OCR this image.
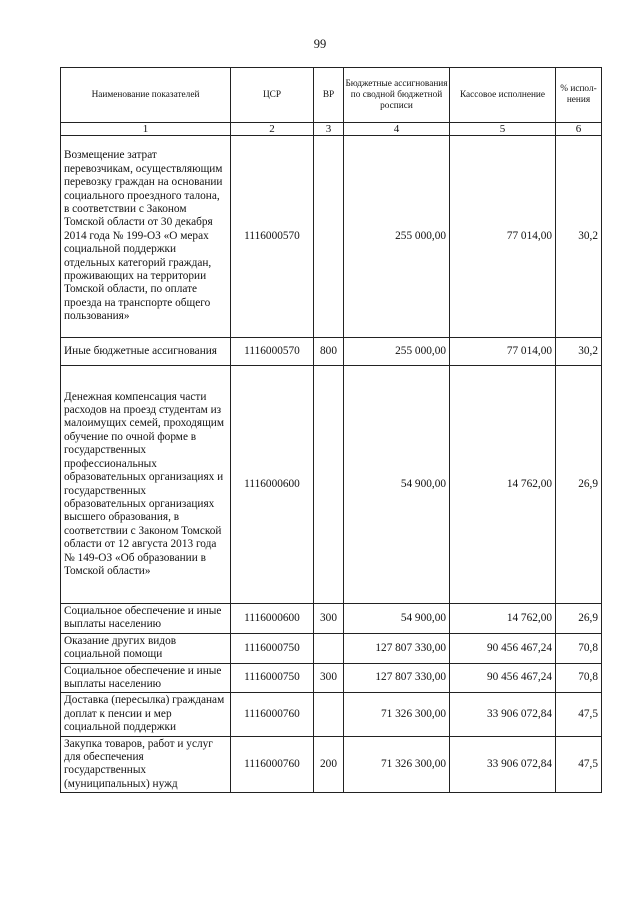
99
Наименование показателей	ЦСР	ВР	Бюджетные ассигнования по сводной бюджетной росписи	Кассовое исполнение	% испол-нения
1	2	3	4	5	6
Возмещение затрат перевозчикам, осуществляющим перевозку граждан на основании социального проездного талона, в соответствии с Законом Томской области от 30 декабря 2014 года № 199-ОЗ «О мерах социальной поддержки отдельных категорий граждан, проживающих на территории Томской области, по оплате проезда на транспорте общего пользования»	1116000570		255 000,00	77 014,00	30,2
Иные бюджетные ассигнования	1116000570	800	255 000,00	77 014,00	30,2
Денежная компенсация части расходов на проезд студентам из малоимущих семей, проходящим обучение по очной форме в государственных профессиональных образовательных организациях и государственных образовательных организациях высшего образования, в соответствии с Законом Томской области от 12 августа 2013 года № 149-ОЗ «Об образовании в Томской области»	1116000600		54 900,00	14 762,00	26,9
Социальное обеспечение и иные выплаты населению	1116000600	300	54 900,00	14 762,00	26,9
Оказание других видов социальной помощи	1116000750		127 807 330,00	90 456 467,24	70,8
Социальное обеспечение и иные выплаты населению	1116000750	300	127 807 330,00	90 456 467,24	70,8
Доставка (пересылка) гражданам доплат к пенсии и мер социальной поддержки	1116000760		71 326 300,00	33 906 072,84	47,5
Закупка товаров, работ и услуг для обеспечения государственных (муниципальных) нужд	1116000760	200	71 326 300,00	33 906 072,84	47,5
